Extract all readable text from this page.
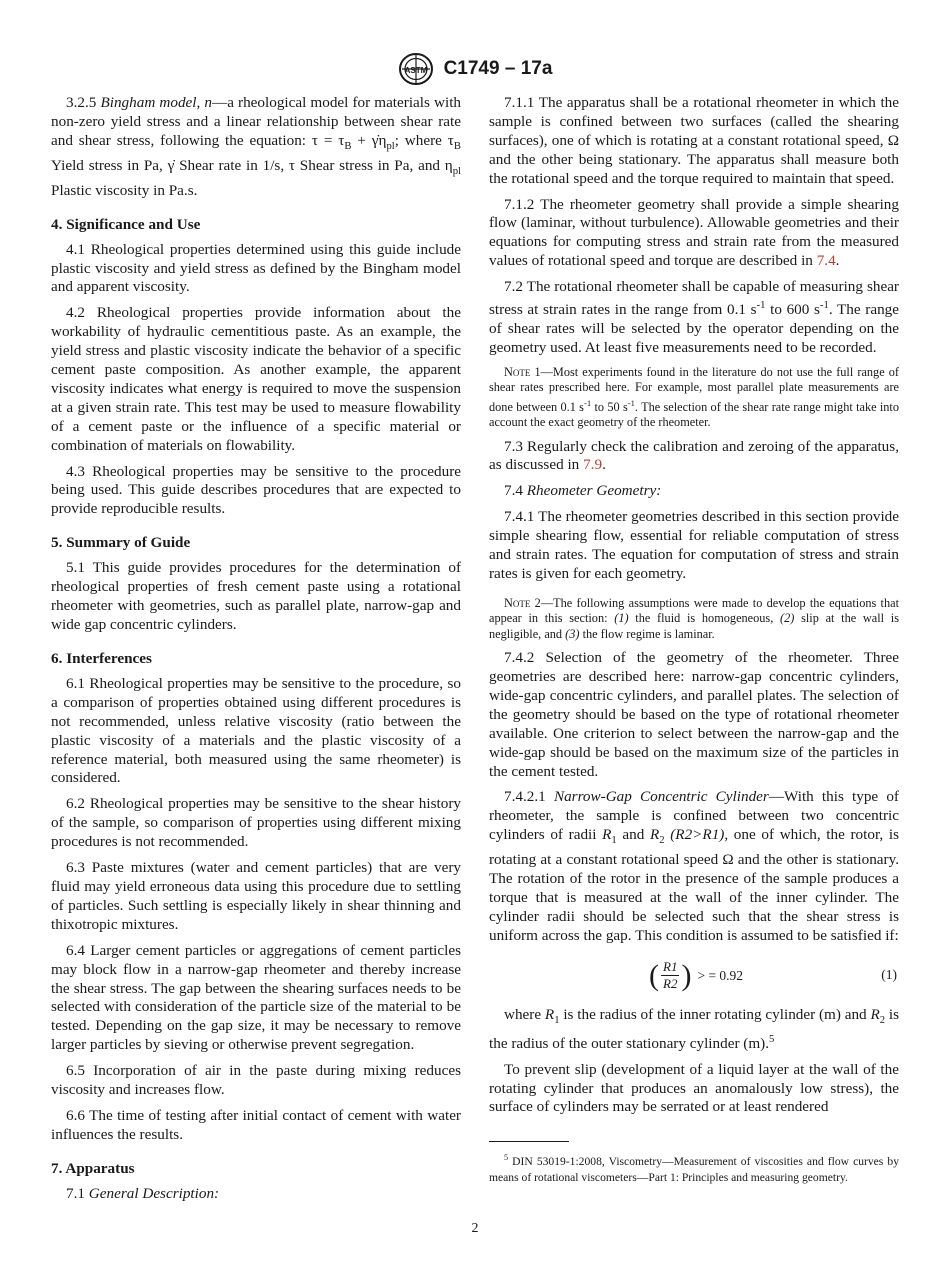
ASTM C1749 – 17a

3.2.5 Bingham model, n—a rheological model for materials with non-zero yield stress and a linear relationship between shear rate and shear stress, following the equation: $\tau = \tau_B$ + $\gammȧ\eta_{pl}$; where $\tau_B$ Yield stress in Pa, γ̇ Shear rate in 1/s, τ Shear stress in Pa, and $\eta_{pl}$ Plastic viscosity in Pa.s.

4. Significance and Use

4.1 Rheological properties determined using this guide include plastic viscosity and yield stress as defined by the Bingham model and apparent viscosity.

4.2 Rheological properties provide information about the workability of hydraulic cementitious paste. As an example, the yield stress and plastic viscosity indicate the behavior of a specific cement paste composition. As another example, the apparent viscosity indicates what energy is required to move the suspension at a given strain rate. This test may be used to measure flowability of a cement paste or the influence of a specific material or combination of materials on flowability.

4.3 Rheological properties may be sensitive to the procedure being used. This guide describes procedures that are expected to provide reproducible results.

5. Summary of Guide

5.1 This guide provides procedures for the determination of rheological properties of fresh cement paste using a rotational rheometer with geometries, such as parallel plate, narrow-gap and wide gap concentric cylinders.

6. Interferences

6.1 Rheological properties may be sensitive to the procedure, so a comparison of properties obtained using different procedures is not recommended, unless relative viscosity (ratio between the plastic viscosity of a materials and the plastic viscosity of a reference material, both measured using the same rheometer) is considered.

6.2 Rheological properties may be sensitive to the shear history of the sample, so comparison of properties using different mixing procedures is not recommended.

6.3 Paste mixtures (water and cement particles) that are very fluid may yield erroneous data using this procedure due to settling of particles. Such settling is especially likely in shear thinning and thixotropic mixtures.

6.4 Larger cement particles or aggregations of cement particles may block flow in a narrow-gap rheometer and thereby increase the shear stress. The gap between the shearing surfaces needs to be selected with consideration of the particle size of the material to be tested. Depending on the gap size, it may be necessary to remove larger particles by sieving or otherwise prevent segregation.

6.5 Incorporation of air in the paste during mixing reduces viscosity and increases flow.

6.6 The time of testing after initial contact of cement with water influences the results.

7. Apparatus

7.1 General Description:

7.1.1 The apparatus shall be a rotational rheometer in which the sample is confined between two surfaces (called the shearing surfaces), one of which is rotating at a constant rotational speed, Ω and the other being stationary. The apparatus shall measure both the rotational speed and the torque required to maintain that speed.

7.1.2 The rheometer geometry shall provide a simple shearing flow (laminar, without turbulence). Allowable geometries and their equations for computing stress and strain rate from the measured values of rotational speed and torque are described in 7.4.

7.2 The rotational rheometer shall be capable of measuring shear stress at strain rates in the range from 0.1 $s^{-1}$ to 600 $s^{-1}$. The range of shear rates will be selected by the operator depending on the geometry used. At least five measurements need to be recorded.

Note 1—Most experiments found in the literature do not use the full range of shear rates prescribed here. For example, most parallel plate measurements are done between 0.1 $s^{-1}$ to 50 $s^{-1}$. The selection of the shear rate range might take into account the exact geometry of the rheometer.

7.3 Regularly check the calibration and zeroing of the apparatus, as discussed in 7.9.

7.4 Rheometer Geometry:

7.4.1 The rheometer geometries described in this section provide simple shearing flow, essential for reliable computation of stress and strain rates. The equation for computation of stress and strain rates is given for each geometry.

Note 2—The following assumptions were made to develop the equations that appear in this section: (1) the fluid is homogeneous, (2) slip at the wall is negligible, and (3) the flow regime is laminar.

7.4.2 Selection of the geometry of the rheometer. Three geometries are described here: narrow-gap concentric cylinders, wide-gap concentric cylinders, and parallel plates. The selection of the geometry should be based on the type of rotational rheometer available. One criterion to select between the narrow-gap and the wide-gap should be based on the maximum size of the particles in the cement tested.

7.4.2.1 Narrow-Gap Concentric Cylinder—With this type of rheometer, the sample is confined between two concentric cylinders of radii $R_1$ and $R_2$ (R2>R1), one of which, the rotor, is rotating at a constant rotational speed Ω and the other is stationary. The rotation of the rotor in the presence of the sample produces a torque that is measured at the wall of the inner cylinder. The cylinder radii should be selected such that the shear stress is uniform across the gap. This condition is assumed to be satisfied if:

( $\frac{R1}{R2}$ ) > = 0.92	(1)

where $R_1$ is the radius of the inner rotating cylinder (m) and $R_2$ is the radius of the outer stationary cylinder (m).$^5$

To prevent slip (development of a liquid layer at the wall of the rotating cylinder that produces an anomalously low stress), the surface of cylinders may be serrated or at least rendered

$^5$ DIN 53019-1:2008, Viscometry—Measurement of viscosities and flow curves by means of rotational viscometers—Part 1: Principles and measuring geometry.

2
